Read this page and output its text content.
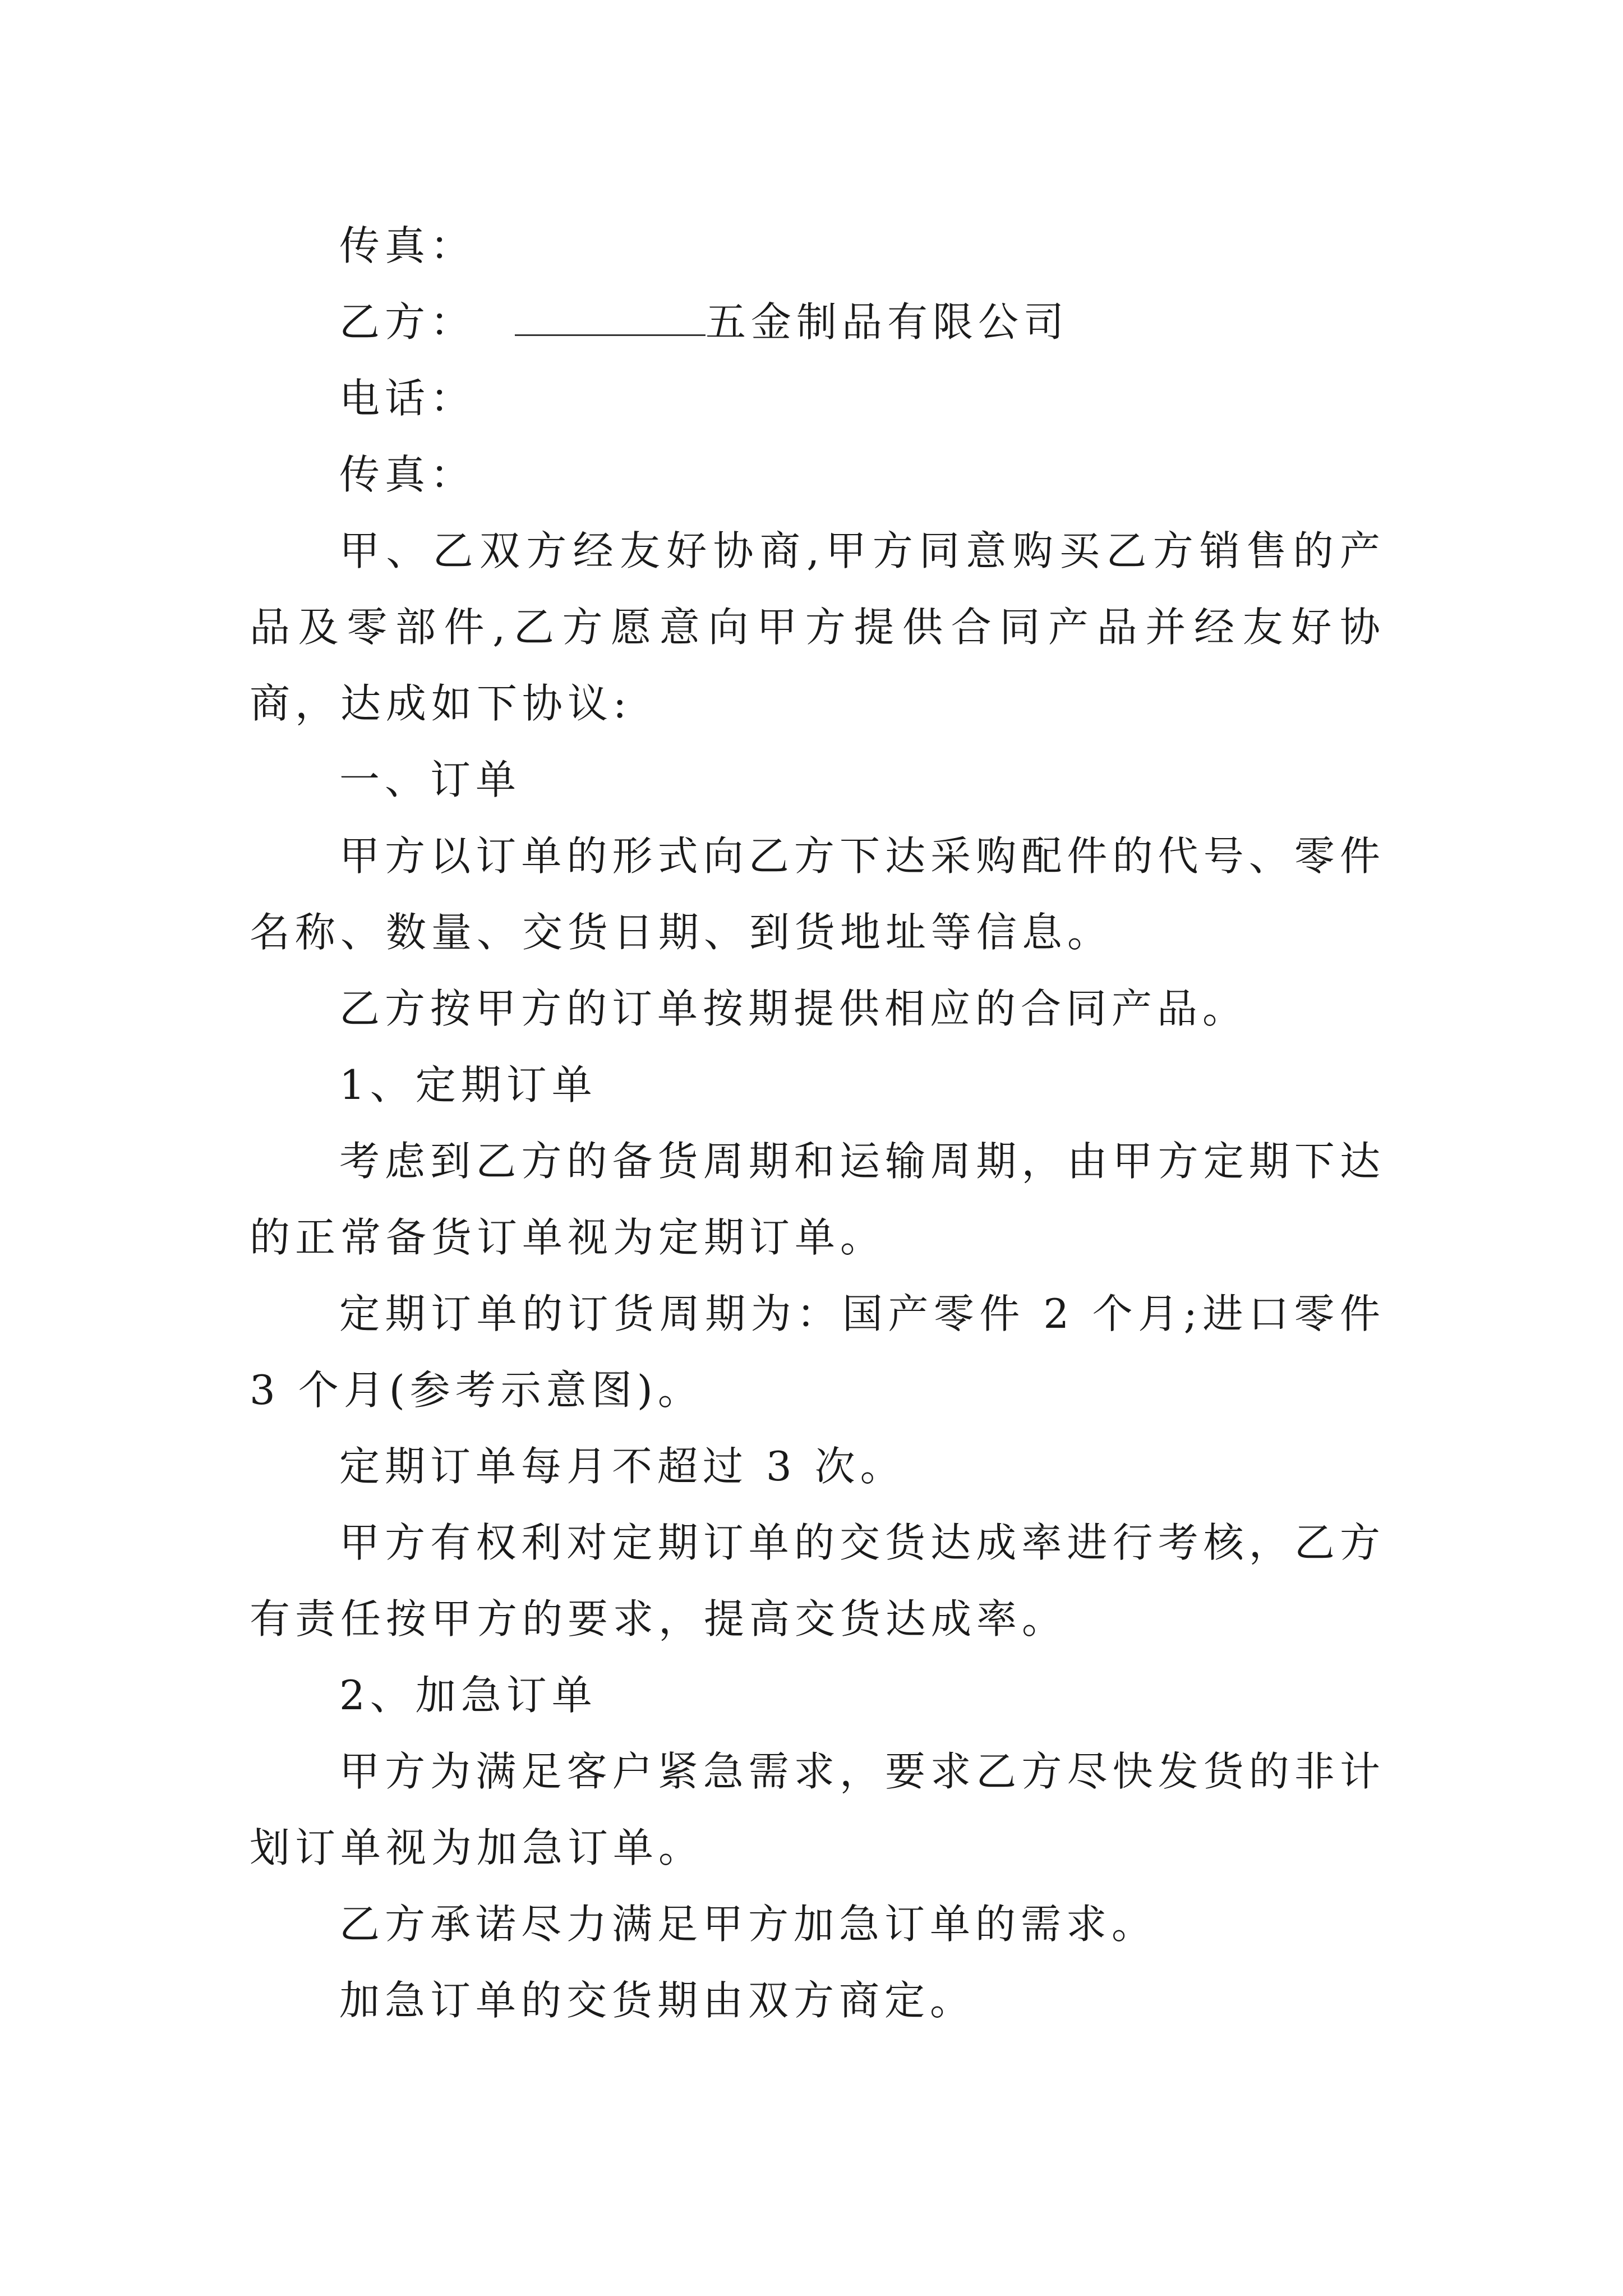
传真：

乙方：	五金制品有限公司

电话：

传真：

甲、乙双方经友好协商,甲方同意购买乙方销售的产品及零部件,乙方愿意向甲方提供合同产品并经友好协商，达成如下协议:

一、订单

甲方以订单的形式向乙方下达采购配件的代号、零件名称、数量、交货日期、到货地址等信息。

乙方按甲方的订单按期提供相应的合同产品。

1、定期订单

考虑到乙方的备货周期和运输周期，由甲方定期下达的正常备货订单视为定期订单。

定期订单的订货周期为：国产零件 2 个月;进口零件 3 个月(参考示意图)。

定期订单每月不超过 3 次。

甲方有权利对定期订单的交货达成率进行考核，乙方有责任按甲方的要求，提高交货达成率。

2、加急订单

甲方为满足客户紧急需求，要求乙方尽快发货的非计划订单视为加急订单。

乙方承诺尽力满足甲方加急订单的需求。

加急订单的交货期由双方商定。
